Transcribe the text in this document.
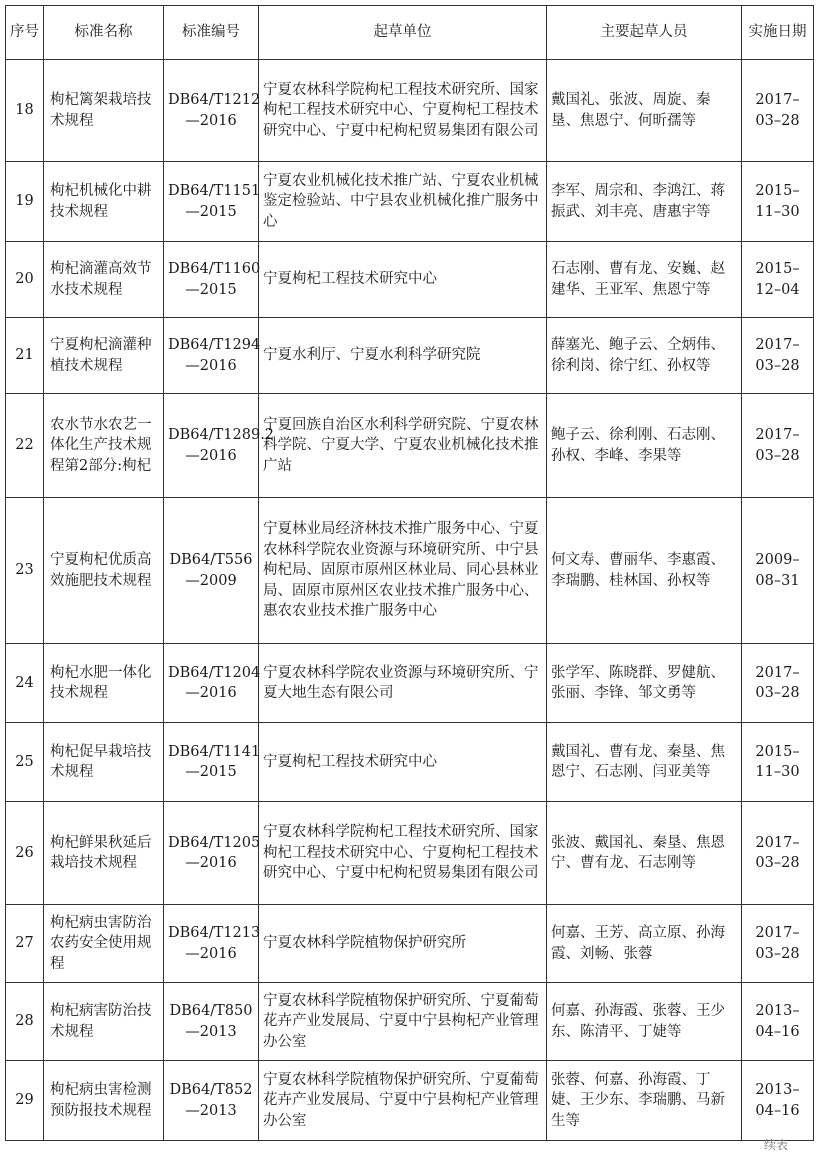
序号	标准名称	标准编号	起草单位	主要起草人员	实施日期
18	枸杞篱架栽培技术规程	DB64/T1212—2016	宁夏农林科学院枸杞工程技术研究所、国家枸杞工程技术研究中心、宁夏枸杞工程技术研究中心、宁夏中杞枸杞贸易集团有限公司	戴国礼、张波、周旋、秦垦、焦恩宁、何昕孺等	2017–03–28
19	枸杞机械化中耕技术规程	DB64/T1151—2015	宁夏农业机械化技术推广站、宁夏农业机械鉴定检验站、中宁县农业机械化推广服务中心	李军、周宗和、李鸿江、蒋振武、刘丰亮、唐惠宇等	2015–11–30
20	枸杞滴灌高效节水技术规程	DB64/T1160—2015	宁夏枸杞工程技术研究中心	石志刚、曹有龙、安巍、赵建华、王亚军、焦恩宁等	2015–12–04
21	宁夏枸杞滴灌种植技术规程	DB64/T1294—2016	宁夏水利厅、宁夏水利科学研究院	薛塞光、鲍子云、仝炳伟、徐利岗、徐宁红、孙权等	2017–03–28
22	农水节水农艺一体化生产技术规程第2部分:枸杞	DB64/T1289.2—2016	宁夏回族自治区水利科学研究院、宁夏农林科学院、宁夏大学、宁夏农业机械化技术推广站	鲍子云、徐利刚、石志刚、孙权、李峰、李果等	2017–03–28
23	宁夏枸杞优质高效施肥技术规程	DB64/T556—2009	宁夏林业局经济林技术推广服务中心、宁夏农林科学院农业资源与环境研究所、中宁县枸杞局、固原市原州区林业局、同心县林业局、固原市原州区农业技术推广服务中心、惠农农业技术推广服务中心	何文寿、曹丽华、李惠霞、李瑞鹏、桂林国、孙权等	2009–08–31
24	枸杞水肥一体化技术规程	DB64/T1204—2016	宁夏农林科学院农业资源与环境研究所、宁夏大地生态有限公司	张学军、陈晓群、罗健航、张丽、李锋、邹文勇等	2017–03–28
25	枸杞促早栽培技术规程	DB64/T1141—2015	宁夏枸杞工程技术研究中心	戴国礼、曹有龙、秦垦、焦恩宁、石志刚、闫亚美等	2015–11–30
26	枸杞鲜果秋延后栽培技术规程	DB64/T1205—2016	宁夏农林科学院枸杞工程技术研究所、国家枸杞工程技术研究中心、宁夏枸杞工程技术研究中心、宁夏中杞枸杞贸易集团有限公司	张波、戴国礼、秦垦、焦恩宁、曹有龙、石志刚等	2017–03–28
27	枸杞病虫害防治农药安全使用规程	DB64/T1213—2016	宁夏农林科学院植物保护研究所	何嘉、王芳、高立原、孙海霞、刘畅、张蓉	2017–03–28
28	枸杞病害防治技术规程	DB64/T850—2013	宁夏农林科学院植物保护研究所、宁夏葡萄花卉产业发展局、宁夏中宁县枸杞产业管理办公室	何嘉、孙海霞、张蓉、王少东、陈清平、丁婕等	2013–04–16
29	枸杞病虫害检测预防报技术规程	DB64/T852—2013	宁夏农林科学院植物保护研究所、宁夏葡萄花卉产业发展局、宁夏中宁县枸杞产业管理办公室	张蓉、何嘉、孙海霞、丁婕、王少东、李瑞鹏、马新生等	2013–04–16
续表
